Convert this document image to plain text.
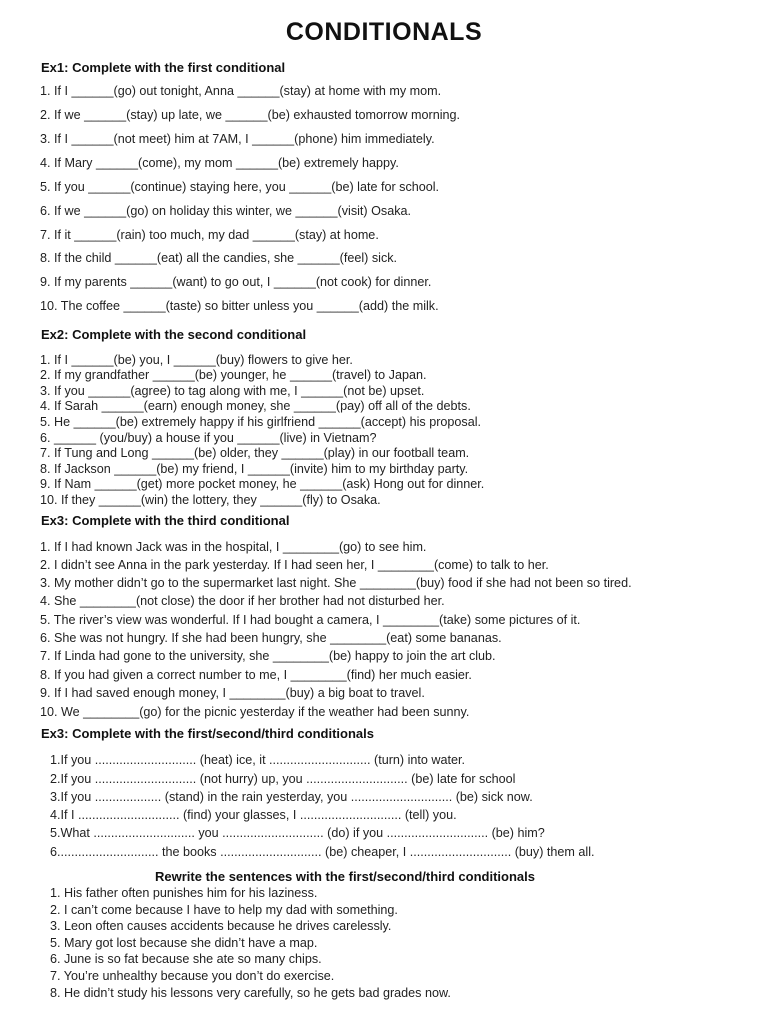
CONDITIONALS
Ex1: Complete with the first conditional
1. If I ______(go) out tonight, Anna ______(stay) at home with my mom.
2. If we ______(stay) up late, we ______(be) exhausted tomorrow morning.
3. If I ______(not meet) him at 7AM, I ______(phone) him immediately.
4. If Mary ______(come), my mom ______(be) extremely happy.
5. If you ______(continue) staying here, you ______(be) late for school.
6. If we ______(go) on holiday this winter, we ______(visit) Osaka.
7. If it ______(rain) too much, my dad ______(stay) at home.
8. If the child ______(eat) all the candies, she ______(feel) sick.
9. If my parents ______(want) to go out, I ______(not cook) for dinner.
10. The coffee ______(taste) so bitter unless you ______(add) the milk.
Ex2: Complete with the second conditional
1. If I ______(be) you, I ______(buy) flowers to give her.
2. If my grandfather ______(be) younger, he ______(travel) to Japan.
3. If you ______(agree) to tag along with me, I ______(not be) upset.
4. If Sarah ______(earn) enough money, she ______(pay) off all of the debts.
5. He ______(be) extremely happy if his girlfriend ______(accept) his proposal.
6. ______ (you/buy) a house if you ______(live) in Vietnam?
7. If Tung and Long ______(be) older, they ______(play) in our football team.
8. If Jackson ______(be) my friend, I ______(invite) him to my birthday party.
9. If Nam ______(get) more pocket money, he ______(ask) Hong out for dinner.
10. If they ______(win) the lottery, they ______(fly) to Osaka.
Ex3: Complete with the third conditional
1. If I had known Jack was in the hospital, I ________(go) to see him.
2. I didn’t see Anna in the park yesterday. If I had seen her, I ________(come) to talk to her.
3. My mother didn’t go to the supermarket last night. She ________(buy) food if she had not been so tired.
4. She ________(not close) the door if her brother had not disturbed her.
5. The river’s view was wonderful. If I had bought a camera, I ________(take) some pictures of it.
6. She was not hungry. If she had been hungry, she ________(eat) some bananas.
7. If Linda had gone to the university, she ________(be) happy to join the art club.
8. If you had given a correct number to me, I ________(find) her much easier.
9. If I had saved enough money, I ________(buy) a big boat to travel.
10. We ________(go) for the picnic yesterday if the weather had been sunny.
Ex3: Complete with the first/second/third conditionals
1.If you ............................. (heat) ice, it ............................. (turn) into water.
2.If you ............................. (not hurry) up, you ............................. (be) late for school
3.If you ................... (stand) in the rain yesterday, you ............................. (be) sick now.
4.If I ............................. (find) your glasses, I ............................. (tell) you.
5.What ............................. you ............................. (do) if you ............................. (be) him?
6............................. the books ............................. (be) cheaper, I ............................. (buy) them all.
Rewrite the sentences with the first/second/third conditionals
1. His father often punishes him for his laziness.
2. I can’t come because I have to help my dad with something.
3. Leon often causes accidents because he drives carelessly.
5. Mary got lost because she didn’t have a map.
6. June is so fat because she ate so many chips.
7. You’re unhealthy because you don’t do exercise.
8. He didn’t study his lessons very carefully, so he gets bad grades now.
